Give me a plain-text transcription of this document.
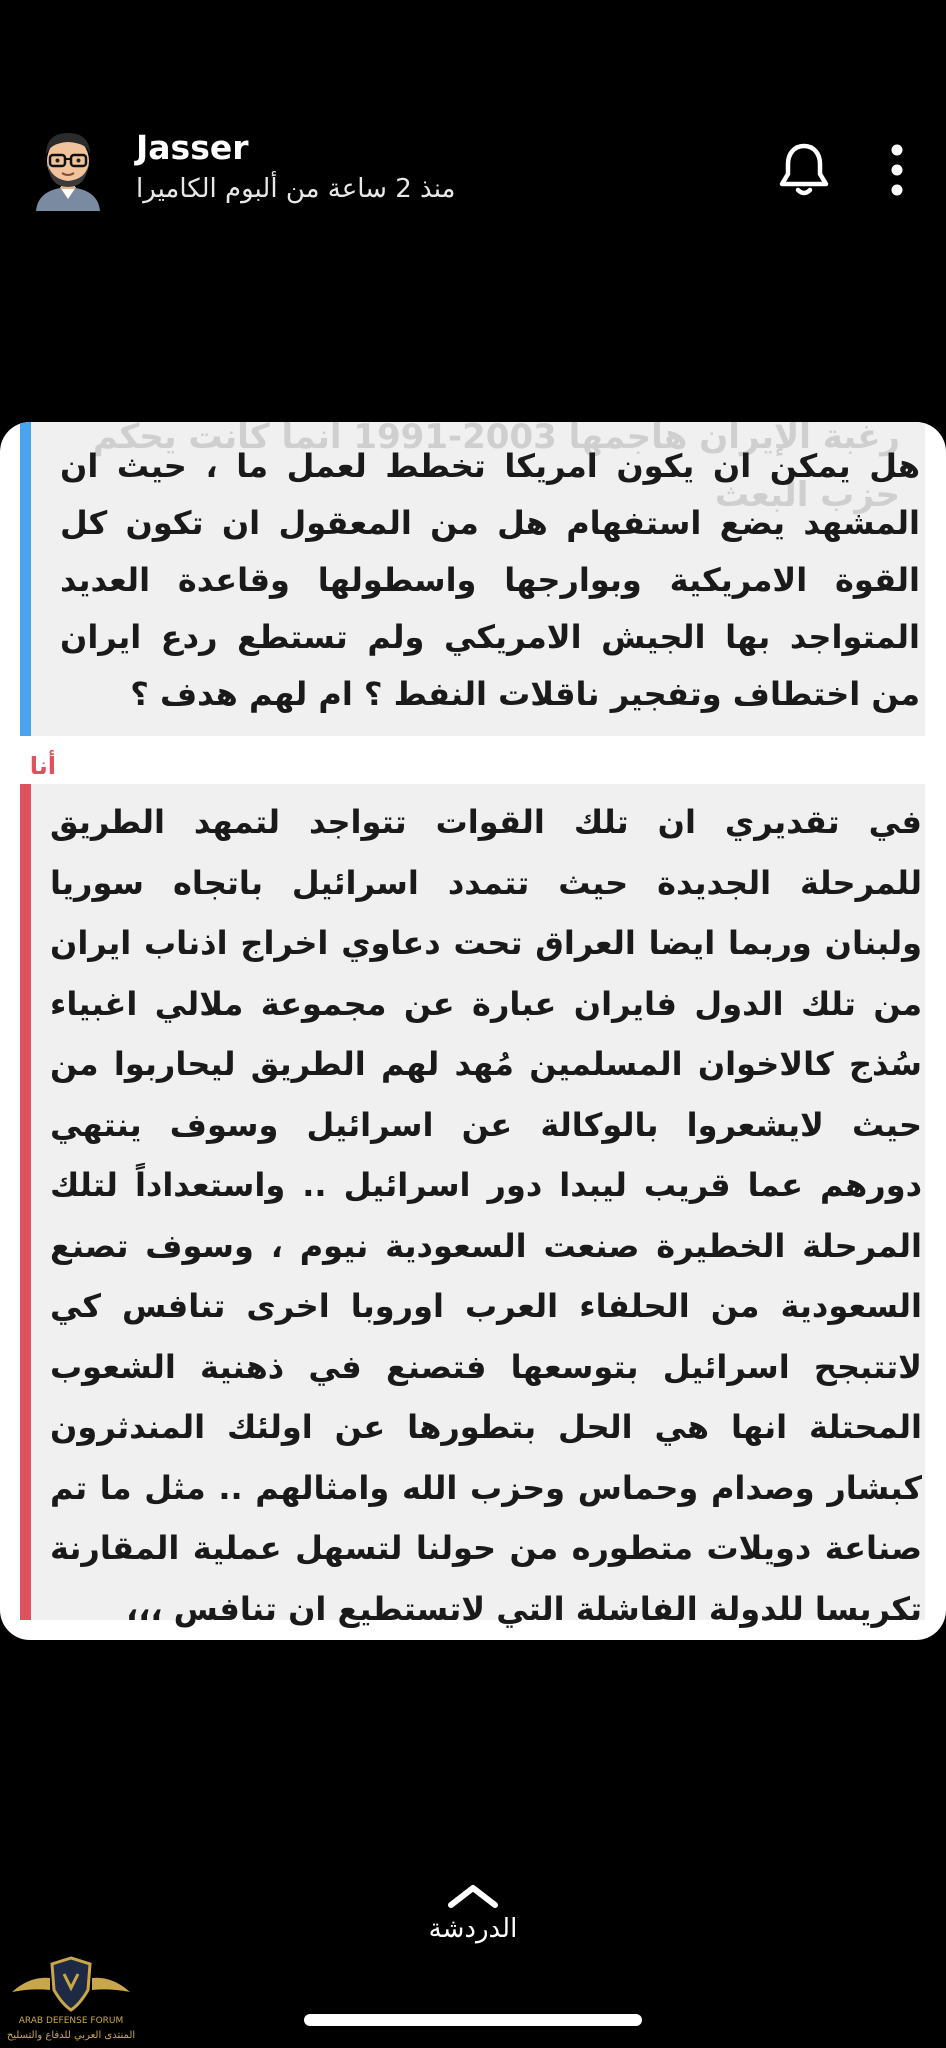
Jasser
منذ 2 ساعة من ألبوم الكاميرا
رغبة الإيران هاجمها 2003-1991 انما كانت يحكم
حزب البعث
هل يمكن ان يكون امريكا تخطط لعمل ما ، حيث ان المشهد يضع استفهام هل من المعقول ان تكون كل القوة الامريكية وبوارجها واسطولها وقاعدة العديد المتواجد بها الجيش الامريكي ولم تستطع ردع ايران من اختطاف وتفجير ناقلات النفط ؟ ام لهم هدف ؟
أنا
في تقديري ان تلك القوات تتواجد لتمهد الطريق للمرحلة الجديدة حيث تتمدد اسرائيل باتجاه سوريا ولبنان وربما ايضا العراق تحت دعاوي اخراج اذناب ايران من تلك الدول فايران عبارة عن مجموعة ملالي اغبياء سُذج كالاخوان المسلمين مُهد لهم الطريق ليحاربوا من حيث لايشعروا بالوكالة عن اسرائيل وسوف ينتهي دورهم عما قريب ليبدا دور اسرائيل .. واستعداداً لتلك المرحلة الخطيرة صنعت السعودية نيوم ، وسوف تصنع السعودية من الحلفاء العرب اوروبا اخرى تنافس كي لاتتبجح اسرائيل بتوسعها فتصنع في ذهنية الشعوب المحتلة انها هي الحل بتطورها عن اولئك المندثرون كبشار وصدام وحماس وحزب الله وامثالهم .. مثل ما تم صناعة دويلات متطوره من حولنا لتسهل عملية المقارنة تكريسا للدولة الفاشلة التي لاتستطيع ان تنافس ،،،
الدردشة
ARAB DEFENSE FORUM
المنتدى العربي للدفاع والتسليح
